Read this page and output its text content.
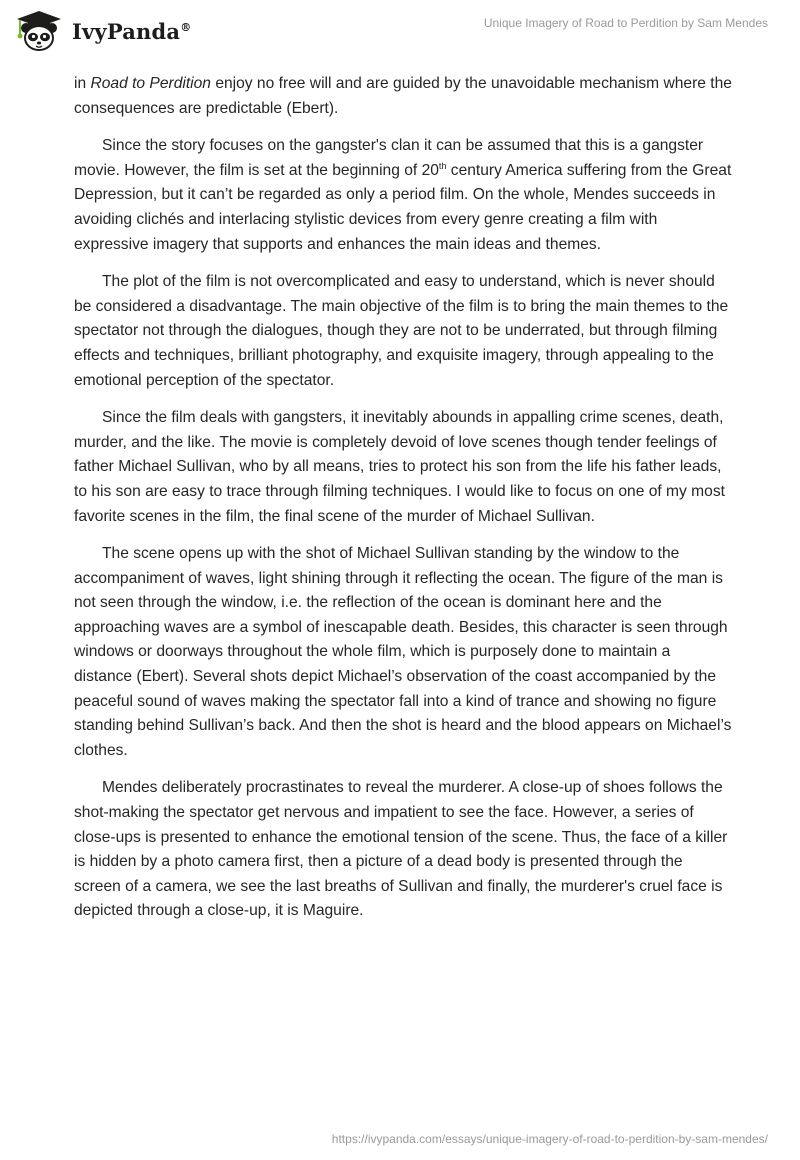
IvyPanda®	Unique Imagery of Road to Perdition by Sam Mendes

in Road to Perdition enjoy no free will and are guided by the unavoidable mechanism where the consequences are predictable (Ebert).

Since the story focuses on the gangster's clan it can be assumed that this is a gangster movie. However, the film is set at the beginning of 20th century America suffering from the Great Depression, but it can’t be regarded as only a period film. On the whole, Mendes succeeds in avoiding clichés and interlacing stylistic devices from every genre creating a film with expressive imagery that supports and enhances the main ideas and themes.

The plot of the film is not overcomplicated and easy to understand, which is never should be considered a disadvantage. The main objective of the film is to bring the main themes to the spectator not through the dialogues, though they are not to be underrated, but through filming effects and techniques, brilliant photography, and exquisite imagery, through appealing to the emotional perception of the spectator.

Since the film deals with gangsters, it inevitably abounds in appalling crime scenes, death, murder, and the like. The movie is completely devoid of love scenes though tender feelings of father Michael Sullivan, who by all means, tries to protect his son from the life his father leads, to his son are easy to trace through filming techniques. I would like to focus on one of my most favorite scenes in the film, the final scene of the murder of Michael Sullivan.

The scene opens up with the shot of Michael Sullivan standing by the window to the accompaniment of waves, light shining through it reflecting the ocean. The figure of the man is not seen through the window, i.e. the reflection of the ocean is dominant here and the approaching waves are a symbol of inescapable death. Besides, this character is seen through windows or doorways throughout the whole film, which is purposely done to maintain a distance (Ebert). Several shots depict Michael’s observation of the coast accompanied by the peaceful sound of waves making the spectator fall into a kind of trance and showing no figure standing behind Sullivan’s back. And then the shot is heard and the blood appears on Michael’s clothes.

Mendes deliberately procrastinates to reveal the murderer. A close-up of shoes follows the shot-making the spectator get nervous and impatient to see the face. However, a series of close-ups is presented to enhance the emotional tension of the scene. Thus, the face of a killer is hidden by a photo camera first, then a picture of a dead body is presented through the screen of a camera, we see the last breaths of Sullivan and finally, the murderer's cruel face is depicted through a close-up, it is Maguire.

https://ivypanda.com/essays/unique-imagery-of-road-to-perdition-by-sam-mendes/
